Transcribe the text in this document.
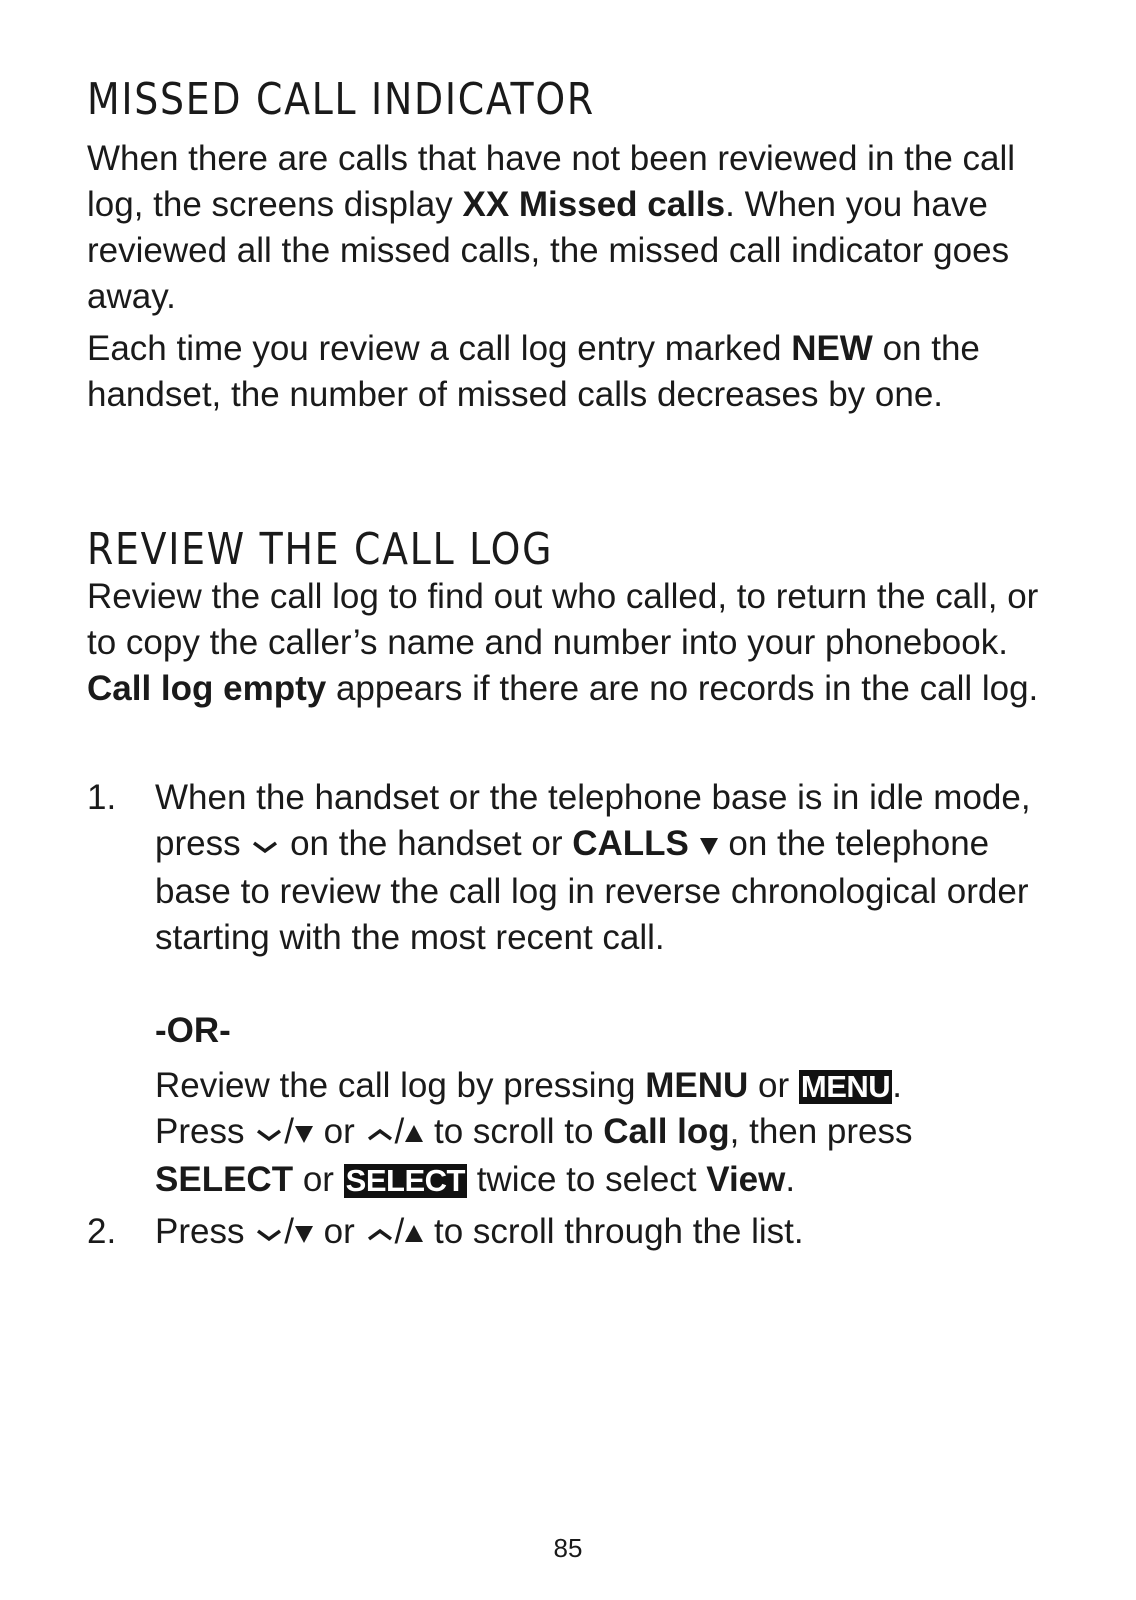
MISSED CALL INDICATOR

When there are calls that have not been reviewed in the call log, the screens display XX Missed calls. When you have reviewed all the missed calls, the missed call indicator goes away.

Each time you review a call log entry marked NEW on the handset, the number of missed calls decreases by one.

REVIEW THE CALL LOG

Review the call log to find out who called, to return the call, or to copy the caller’s name and number into your phonebook. Call log empty appears if there are no records in the call log.

1. When the handset or the telephone base is in idle mode, press on the handset or CALLS on the telephone base to review the call log in reverse chronological order starting with the most recent call.
-OR-
Review the call log by pressing MENU or MENU.
Press / or / to scroll to Call log, then press
SELECT or SELECT twice to select View.
2. Press / or / to scroll through the list.
85
